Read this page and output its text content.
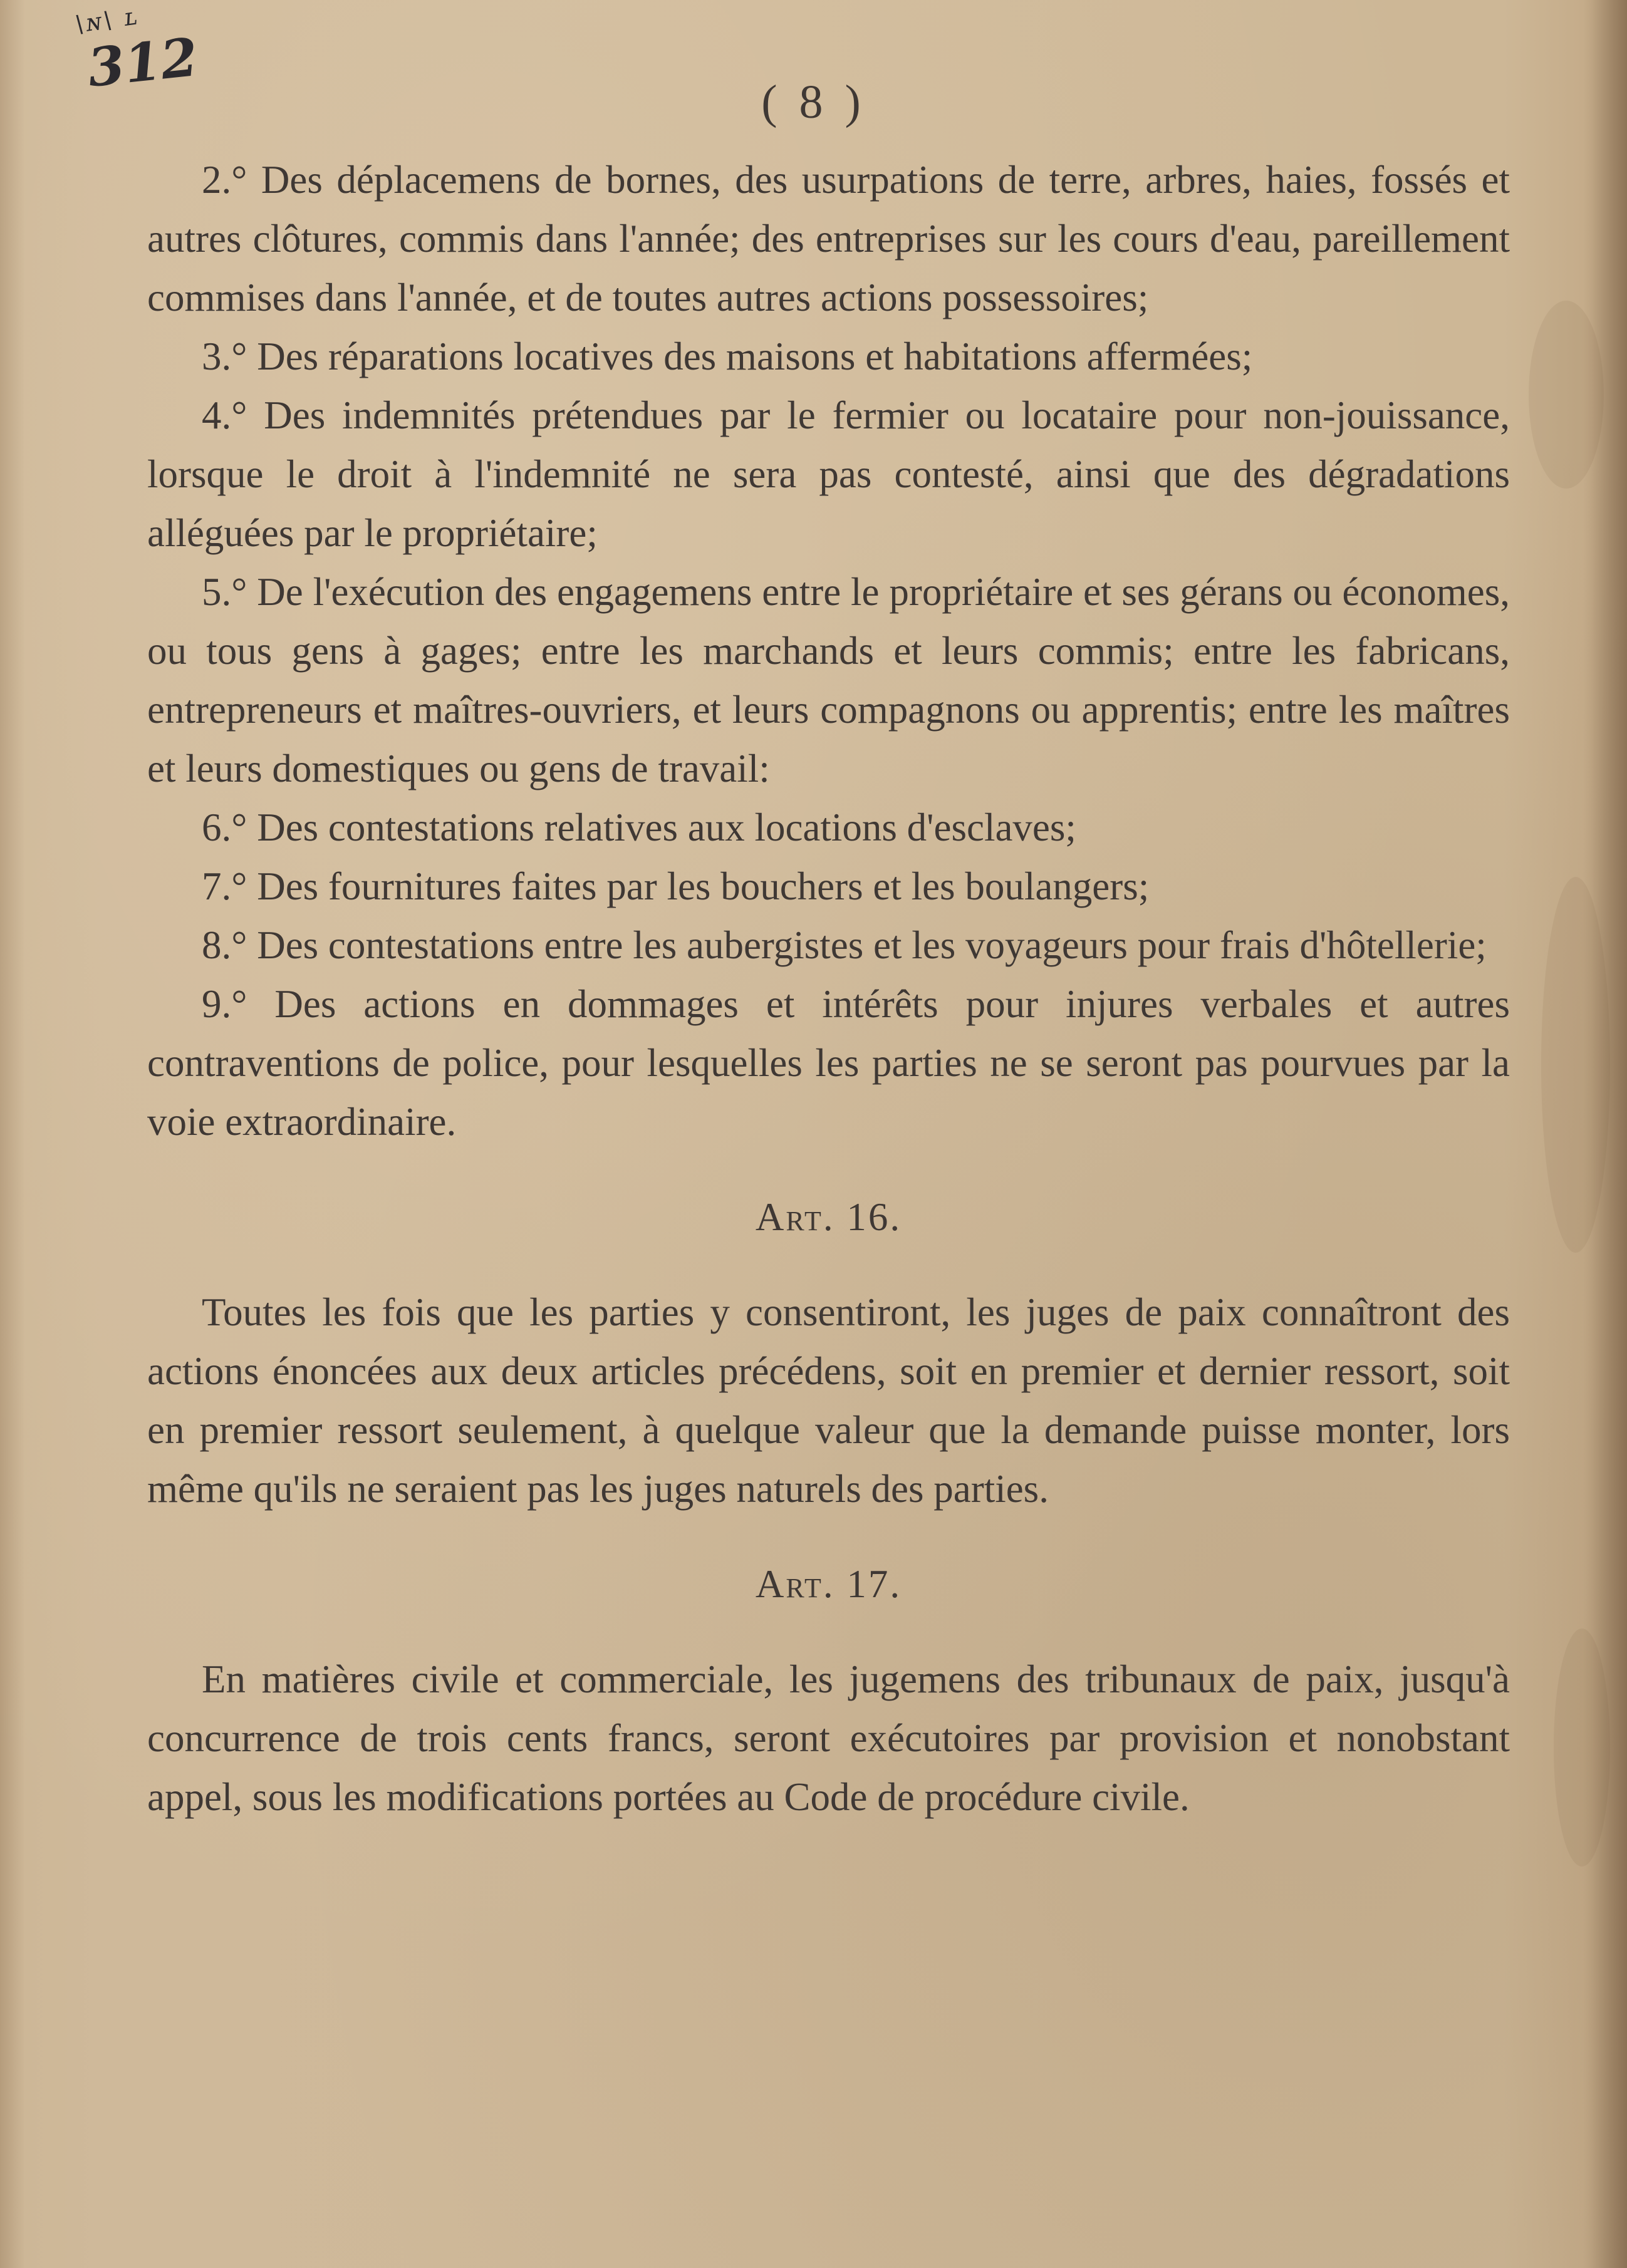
\ɴ\ ʟ
312
( 8 )

2.° Des déplacemens de bornes, des usurpations de terre, arbres, haies, fossés et autres clôtures, commis dans l'année; des entreprises sur les cours d'eau, pareillement commises dans l'année, et de toutes autres actions possessoires;

3.° Des réparations locatives des maisons et habitations affermées;

4.° Des indemnités prétendues par le fermier ou locataire pour non-jouissance, lorsque le droit à l'indemnité ne sera pas contesté, ainsi que des dégradations alléguées par le propriétaire;

5.° De l'exécution des engagemens entre le propriétaire et ses gérans ou économes, ou tous gens à gages; entre les marchands et leurs commis; entre les fabricans, entrepreneurs et maîtres-ouvriers, et leurs compagnons ou apprentis; entre les maîtres et leurs domestiques ou gens de travail:

6.° Des contestations relatives aux locations d'esclaves;

7.° Des fournitures faites par les bouchers et les boulangers;

8.° Des contestations entre les aubergistes et les voyageurs pour frais d'hôtellerie;

9.° Des actions en dommages et intérêts pour injures verbales et autres contraventions de police, pour lesquelles les parties ne se seront pas pourvues par la voie extraordinaire.

Art. 16.

Toutes les fois que les parties y consentiront, les juges de paix connaîtront des actions énoncées aux deux articles précédens, soit en premier et dernier ressort, soit en premier ressort seulement, à quelque valeur que la demande puisse monter, lors même qu'ils ne seraient pas les juges naturels des parties.

Art. 17.

En matières civile et commerciale, les jugemens des tribunaux de paix, jusqu'à concurrence de trois cents francs, seront exécutoires par provision et nonobstant appel, sous les modifications portées au Code de procédure civile.
